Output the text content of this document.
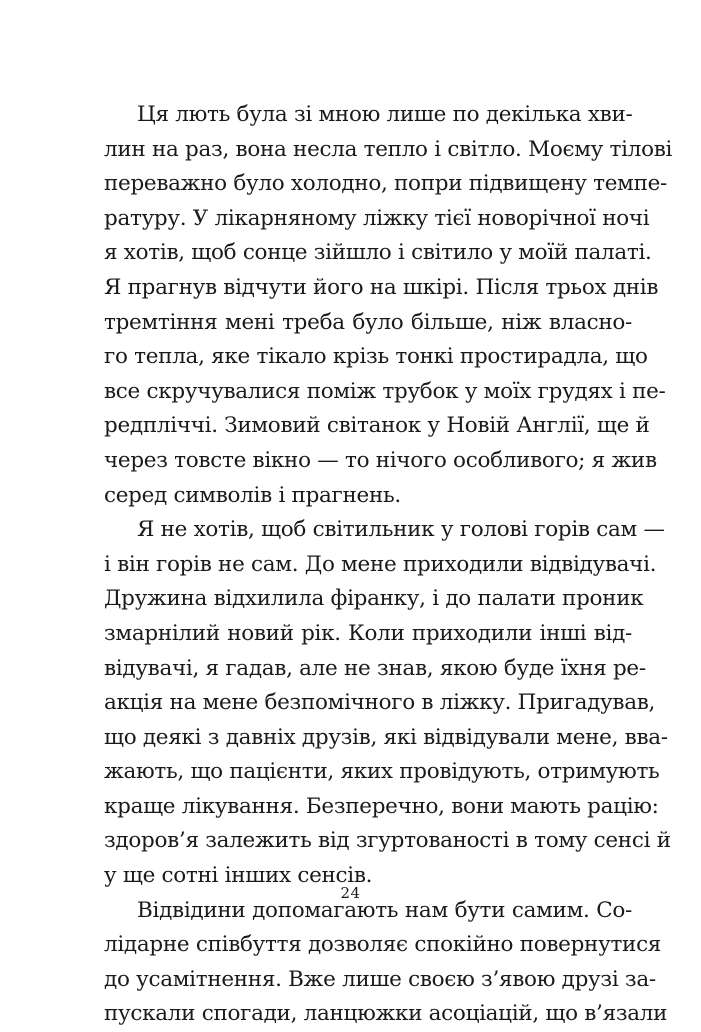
Ця лють була зі мною лише по декілька хви-
лин на раз, вона несла тепло і світло. Моєму тілові
переважно було холодно, попри підвищену темпе-
ратуру. У лікарняному ліжку тієї новорічної ночі
я хотів, щоб сонце зійшло і світило у моїй палаті.
Я прагнув відчути його на шкірі. Після трьох днів
тремтіння мені треба було більше, ніж власно-
го тепла, яке тікало крізь тонкі простирадла, що
все скручувалися поміж трубок у моїх грудях і пе-
редпліччі. Зимовий світанок у Новій Англії, ще й
через товсте вікно — то нічого особливого; я жив
серед символів і прагнень.
Я не хотів, щоб світильник у голові горів сам —
і він горів не сам. До мене приходили відвідувачі.
Дружина відхилила фіранку, і до палати проник
змарнілий новий рік. Коли приходили інші від-
відувачі, я гадав, але не знав, якою буде їхня ре-
акція на мене безпомічного в ліжку. Пригадував,
що деякі з давніх друзів, які відвідували мене, вва-
жають, що пацієнти, яких провідують, отримують
краще лікування. Безперечно, вони мають рацію:
здоров’я залежить від згуртованості в тому сенсі й
у ще сотні інших сенсів.
Відвідини допомагають нам бути самим. Со-
лідарне співбуття дозволяє спокійно повернутися
до усамітнення. Вже лише своєю з’явою друзі за-
пускали спогади, ланцюжки асоціацій, що в’язали
24
